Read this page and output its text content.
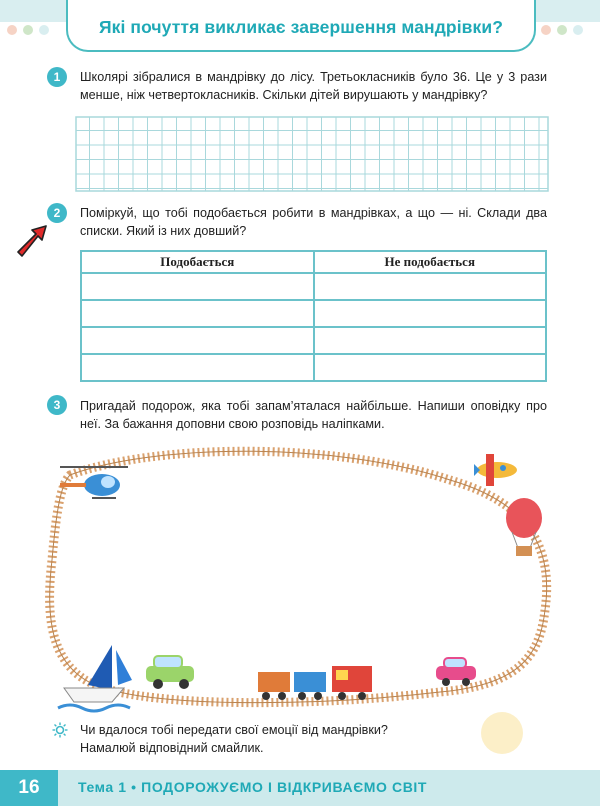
Які почуття викликає завершення мандрівки?
1	Школярі зібралися в мандрівку до лісу. Третьокласників було 36. Це у 3 рази менше, ніж четвертокласників. Скільки дітей вирушають у мандрівку?

2	Поміркуй, що тобі подобається робити в мандрівках, а що — ні. Склади два списки. Який із них довший?

Подобається	Не подобається

3	Пригадай подорож, яка тобі запам’яталася найбільше. Напиши оповідку про неї. За бажання доповни свою розповідь наліпками.

Чи вдалося тобі передати свої емоції від мандрівки?

Намалюй відповідний смайлик.

16	Тема 1 • ПОДОРОЖУЄМО І ВІДКРИВАЄМО СВІТ
